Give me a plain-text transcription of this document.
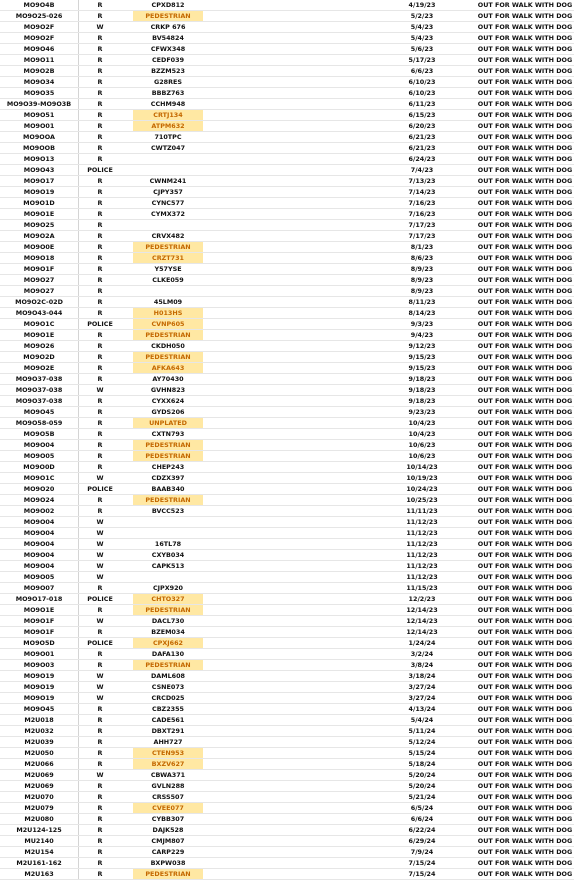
MO9O4B	R		CPXD812		4/19/23		OUT FOR WALK WITH DOG
MO9O25-026	R		PEDESTRIAN		5/2/23		OUT FOR WALK WITH DOG
MO9O2F	W		CRKP 676		5/4/23		OUT FOR WALK WITH DOG
MO9O2F	R		BV54824		5/4/23		OUT FOR WALK WITH DOG
MO9O46	R		CFWX348		5/6/23		OUT FOR WALK WITH DOG
MO9O11	R		CEDF039		5/17/23		OUT FOR WALK WITH DOG
MO9O2B	R		BZZM523		6/6/23		OUT FOR WALK WITH DOG
MO9O34	R		G28RES		6/10/23		OUT FOR WALK WITH DOG
MO9O35	R		BBBZ763		6/10/23		OUT FOR WALK WITH DOG
MO9O39-MO9O3B	R		CCHM948		6/11/23		OUT FOR WALK WITH DOG
MO9O51	R		CRTJ134		6/15/23		OUT FOR WALK WITH DOG
MO9O01	R		ATPM632		6/20/23		OUT FOR WALK WITH DOG
MO9OOA	R		710TPC		6/21/23		OUT FOR WALK WITH DOG
MO9OOB	R		CWTZ047		6/21/23		OUT FOR WALK WITH DOG
MO9O13	R				6/24/23		OUT FOR WALK WITH DOG
MO9O43	POLICE				7/4/23		OUT FOR WALK WITH DOG
MO9O17	R		CWNM241		7/13/23		OUT FOR WALK WITH DOG
MO9O19	R		CJPY357		7/14/23		OUT FOR WALK WITH DOG
MO9O1D	R		CYNC577		7/16/23		OUT FOR WALK WITH DOG
MO9O1E	R		CYMX372		7/16/23		OUT FOR WALK WITH DOG
MO9O25	R				7/17/23		OUT FOR WALK WITH DOG
MO9O2A	R		CRVX482		7/17/23		OUT FOR WALK WITH DOG
MO9O0E	R		PEDESTRIAN		8/1/23		OUT FOR WALK WITH DOG
MO9O18	R		CRZT731		8/6/23		OUT FOR WALK WITH DOG
MO9O1F	R		Y57YSE		8/9/23		OUT FOR WALK WITH DOG
MO9O27	R		CLKE059		8/9/23		OUT FOR WALK WITH DOG
MO9O27	R				8/9/23		OUT FOR WALK WITH DOG
MO9O2C-02D	R		45LM09		8/11/23		OUT FOR WALK WITH DOG
MO9O43-044	R		H013HS		8/14/23		OUT FOR WALK WITH DOG
MO9O1C	POLICE		CVNP605		9/3/23		OUT FOR WALK WITH DOG
MO9O1E	R		PEDESTRIAN		9/4/23		OUT FOR WALK WITH DOG
MO9O26	R		CKDH050		9/12/23		OUT FOR WALK WITH DOG
MO9O2D	R		PEDESTRIAN		9/15/23		OUT FOR WALK WITH DOG
MO9O2E	R		AFKA643		9/15/23		OUT FOR WALK WITH DOG
MO9O37-038	R		AY70430		9/18/23		OUT FOR WALK WITH DOG
MO9O37-038	W		GVHN823		9/18/23		OUT FOR WALK WITH DOG
MO9O37-038	R		CYXX624		9/18/23		OUT FOR WALK WITH DOG
MO9O45	R		GYDS206		9/23/23		OUT FOR WALK WITH DOG
MO9O58-059	R		UNPLATED		10/4/23		OUT FOR WALK WITH DOG
MO9O5B	R		CXTN793		10/4/23		OUT FOR WALK WITH DOG
MO9O04	R		PEDESTRIAN		10/6/23		OUT FOR WALK WITH DOG
MO9O05	R		PEDESTRIAN		10/6/23		OUT FOR WALK WITH DOG
MO9O0D	R		CHEP243		10/14/23		OUT FOR WALK WITH DOG
MO9O1C	W		CDZX397		10/19/23		OUT FOR WALK WITH DOG
MO9O20	POLICE		BAAB340		10/24/23		OUT FOR WALK WITH DOG
MO9O24	R		PEDESTRIAN		10/25/23		OUT FOR WALK WITH DOG
MO9O02	R		BVCC523		11/11/23		OUT FOR WALK WITH DOG
MO9O04	W				11/12/23		OUT FOR WALK WITH DOG
MO9O04	W				11/12/23		OUT FOR WALK WITH DOG
MO9O04	W		16TL78		11/12/23		OUT FOR WALK WITH DOG
MO9O04	W		CXYB034		11/12/23		OUT FOR WALK WITH DOG
MO9O04	W		CAPK513		11/12/23		OUT FOR WALK WITH DOG
MO9O05	W				11/12/23		OUT FOR WALK WITH DOG
MO9O07	R		CJPX920		11/15/23		OUT FOR WALK WITH DOG
MO9O17-018	POLICE		CHTO327		12/2/23		OUT FOR WALK WITH DOG
MO9O1E	R		PEDESTRIAN		12/14/23		OUT FOR WALK WITH DOG
MO9O1F	W		DACL730		12/14/23		OUT FOR WALK WITH DOG
MO9O1F	R		BZEM034		12/14/23		OUT FOR WALK WITH DOG
MO9O5D	POLICE		CPXJ662		1/24/24		OUT FOR WALK WITH DOG
MO9O01	R		DAFA130		3/2/24		OUT FOR WALK WITH DOG
MO9O03	R		PEDESTRIAN		3/8/24		OUT FOR WALK WITH DOG
MO9O19	W		DAML608		3/18/24		OUT FOR WALK WITH DOG
MO9O19	W		CSNE073		3/27/24		OUT FOR WALK WITH DOG
MO9O19	W		CRCD025		3/27/24		OUT FOR WALK WITH DOG
MO9O45	R		CBZ2355		4/13/24		OUT FOR WALK WITH DOG
M2U018	R		CADE561		5/4/24		OUT FOR WALK WITH DOG
M2U032	R		DBXT291		5/11/24		OUT FOR WALK WITH DOG
M2U039	R		AHH727		5/12/24		OUT FOR WALK WITH DOG
M2U050	R		CTEN953		5/15/24		OUT FOR WALK WITH DOG
M2U066	R		BXZV627		5/18/24		OUT FOR WALK WITH DOG
M2U069	W		CBWA371		5/20/24		OUT FOR WALK WITH DOG
M2U069	R		GVLN288		5/20/24		OUT FOR WALK WITH DOG
M2U070	R		CRSS507		5/21/24		OUT FOR WALK WITH DOG
M2U079	R		CVEE077		6/5/24		OUT FOR WALK WITH DOG
M2U080	R		CYBB307		6/6/24		OUT FOR WALK WITH DOG
M2U124-125	R		DAJK528		6/22/24		OUT FOR WALK WITH DOG
MU2140	R		CMJM807		6/29/24		OUT FOR WALK WITH DOG
M2U154	R		CARP229		7/9/24		OUT FOR WALK WITH DOG
M2U161-162	R		BXPW038		7/15/24		OUT FOR WALK WITH DOG
M2U163	R		PEDESTRIAN		7/15/24		OUT FOR WALK WITH DOG
